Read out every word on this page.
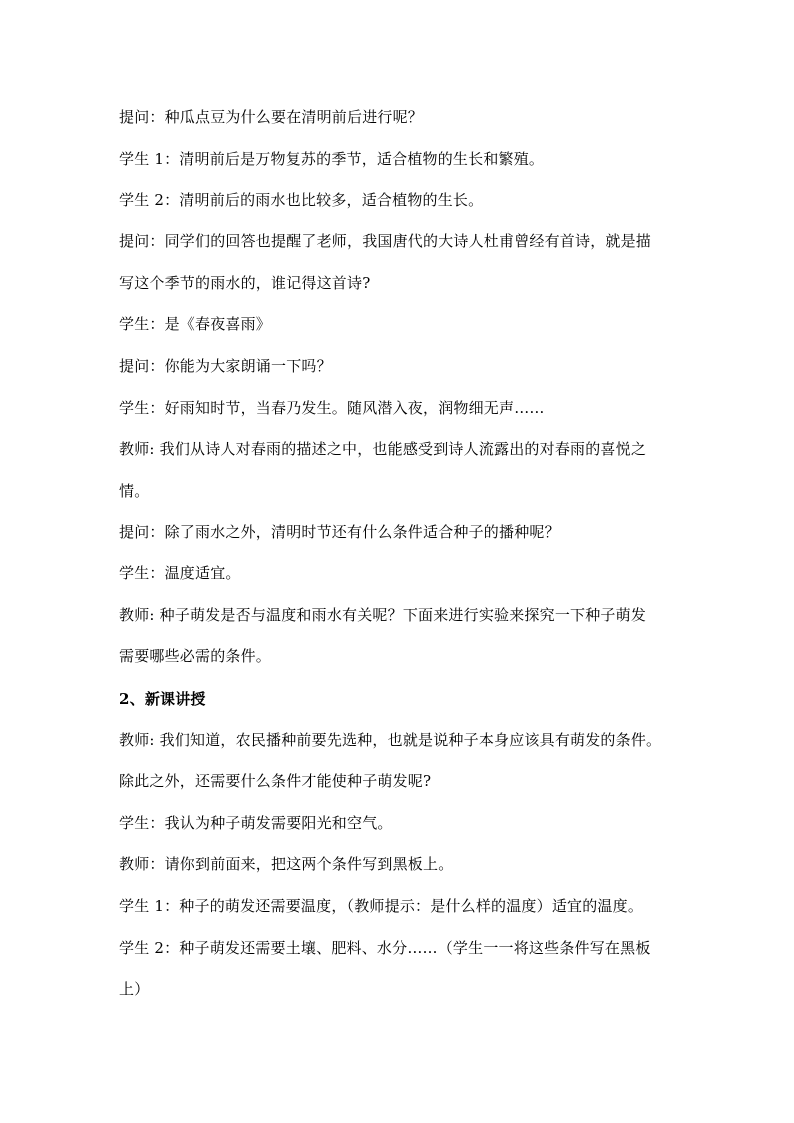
提问：种瓜点豆为什么要在清明前后进行呢？
学生 1：清明前后是万物复苏的季节，适合植物的生长和繁殖。
学生 2：清明前后的雨水也比较多，适合植物的生长。
提问：同学们的回答也提醒了老师，我国唐代的大诗人杜甫曾经有首诗，就是描
写这个季节的雨水的，谁记得这首诗?
学生：是《春夜喜雨》
提问：你能为大家朗诵一下吗？
学生：好雨知时节，当春乃发生。随风潜入夜，润物细无声……
教师: 我们从诗人对春雨的描述之中，也能感受到诗人流露出的对春雨的喜悦之
情。
提问：除了雨水之外，清明时节还有什么条件适合种子的播种呢？
学生：温度适宜。
教师: 种子萌发是否与温度和雨水有关呢？下面来进行实验来探究一下种子萌发
需要哪些必需的条件。
2、新课讲授
教师: 我们知道，农民播种前要先选种，也就是说种子本身应该具有萌发的条件。
除此之外，还需要什么条件才能使种子萌发呢?
学生：我认为种子萌发需要阳光和空气。
教师：请你到前面来，把这两个条件写到黑板上。
学生 1：种子的萌发还需要温度，（教师提示：是什么样的温度）适宜的温度。
学生 2：种子萌发还需要土壤、肥料、水分……（学生一一将这些条件写在黑板
上）
